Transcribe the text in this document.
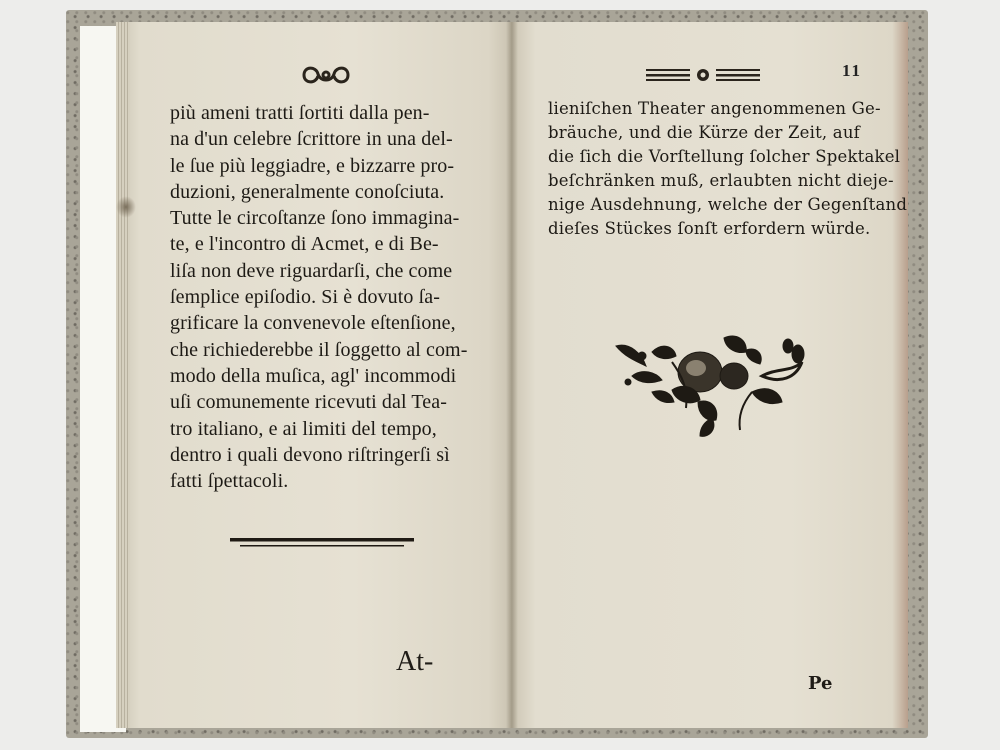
11
più ameni tratti ſortiti dalla pen-
na d'un celebre ſcrittore in una del-
le ſue più leggiadre, e bizzarre pro-
duzioni, generalmente conoſciuta.
Tutte le circoſtanze ſono immagina-
te, e l'incontro di Acmet, e di Be-
liſa non deve riguardarſi, che come
ſemplice epiſodio. Si è dovuto ſa-
grificare la convenevole eſtenſione,
che richiederebbe il ſoggetto al com-
modo della muſica, agl' incommodi
uſi comunemente ricevuti dal Tea-
tro italiano, e ai limiti del tempo,
dentro i quali devono riſtringerſi sì
fatti ſpettacoli.
At-
lieniſchen Theater angenommenen Ge-
bräuche, und die Kürze der Zeit, auf
die ſich die Vorſtellung ſolcher Spektakel
beſchränken muß, erlaubten nicht dieje-
nige Ausdehnung, welche der Gegenſtand
dieſes Stückes ſonſt erfordern würde.
Pe
